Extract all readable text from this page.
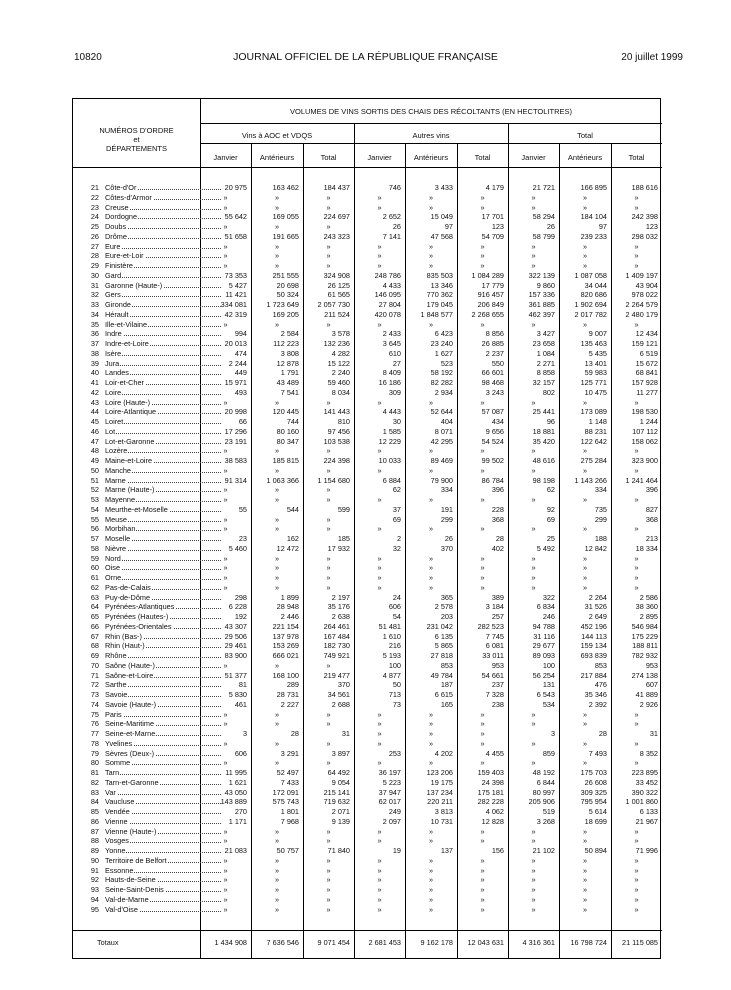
10820	JOURNAL OFFICIEL DE LA RÉPUBLIQUE FRANÇAISE	20 juillet 1999
NUMÉROS D'ORDRE
et
DÉPARTEMENTS
VOLUMES DE VINS SORTIS DES CHAIS DES RÉCOLTANTS (EN HECTOLITRES)
Vins à AOC et VDQS	Autres vins	Total
Janvier	Antérieurs	Total	Janvier	Antérieurs	Total	Janvier	Antérieurs	Total
21 Côte-d'Or	20 975	163 462	184 437	746	3 433	4 179	21 721	166 895	188 616
22 Côtes-d'Armor	»	»	»	»	»	»	»	»	»
23 Creuse	»	»	»	»	»	»	»	»	»
24 Dordogne	55 642	169 055	224 697	2 652	15 049	17 701	58 294	184 104	242 398
25 Doubs	»	»	»	26	97	123	26	97	123
26 Drôme	51 658	191 665	243 323	7 141	47 568	54 709	58 799	239 233	298 032
27 Eure	»	»	»	»	»	»	»	»	»
28 Eure-et-Loir	»	»	»	»	»	»	»	»	»
29 Finistère	»	»	»	»	»	»	»	»	»
30 Gard	73 353	251 555	324 908	248 786	835 503	1 084 289	322 139	1 087 058	1 409 197
31 Garonne (Haute-)	5 427	20 698	26 125	4 433	13 346	17 779	9 860	34 044	43 904
32 Gers	11 421	50 324	61 565	146 095	770 362	916 457	157 336	820 686	978 022
33 Gironde	334 081	1 723 649	2 057 730	27 804	179 045	206 849	361 885	1 902 694	2 264 579
34 Hérault	42 319	169 205	211 524	420 078	1 848 577	2 268 655	462 397	2 017 782	2 480 179
35 Ille-et-Vilaine	»	»	»	»	»	»	»	»	»
36 Indre	994	2 584	3 578	2 433	6 423	8 856	3 427	9 007	12 434
37 Indre-et-Loire	20 013	112 223	132 236	3 645	23 240	26 885	23 658	135 463	159 121
38 Isère	474	3 808	4 282	610	1 627	2 237	1 084	5 435	6 519
39 Jura	2 244	12 878	15 122	27	523	550	2 271	13 401	15 672
40 Landes	449	1 791	2 240	8 409	58 192	66 601	8 858	59 983	68 841
41 Loir-et-Cher	15 971	43 489	59 460	16 186	82 282	98 468	32 157	125 771	157 928
42 Loire	493	7 541	8 034	309	2 934	3 243	802	10 475	11 277
43 Loire (Haute-)	»	»	»	»	»	»	»	»	»
44 Loire-Atlantique	20 998	120 445	141 443	4 443	52 644	57 087	25 441	173 089	198 530
45 Loiret	66	744	810	30	404	434	96	1 148	1 244
46 Lot	17 296	80 160	97 456	1 585	8 071	9 656	18 881	88 231	107 112
47 Lot-et-Garonne	23 191	80 347	103 538	12 229	42 295	54 524	35 420	122 642	158 062
48 Lozère	»	»	»	»	»	»	»	»	»
49 Maine-et-Loire	38 583	185 815	224 398	10 033	89 469	99 502	48 616	275 284	323 900
50 Manche	»	»	»	»	»	»	»	»	»
51 Marne	91 314	1 063 366	1 154 680	6 884	79 900	86 784	98 198	1 143 266	1 241 464
52 Marne (Haute-)	»	»	»	62	334	396	62	334	396
53 Mayenne	»	»	»	»	»	»	»	»	»
54 Meurthe-et-Moselle	55	544	599	37	191	228	92	735	827
55 Meuse	»	»	»	69	299	368	69	299	368
56 Morbihan	»	»	»	»	»	»	»	»	»
57 Moselle	23	162	185	2	26	28	25	188	213
58 Nièvre	5 460	12 472	17 932	32	370	402	5 492	12 842	18 334
59 Nord	»	»	»	»	»	»	»	»	»
60 Oise	»	»	»	»	»	»	»	»	»
61 Orne	»	»	»	»	»	»	»	»	»
62 Pas-de-Calais	»	»	»	»	»	»	»	»	»
63 Puy-de-Dôme	298	1 899	2 197	24	365	389	322	2 264	2 586
64 Pyrénées-Atlantiques	6 228	28 948	35 176	606	2 578	3 184	6 834	31 526	38 360
65 Pyrénées (Hautes-)	192	2 446	2 638	54	203	257	246	2 649	2 895
66 Pyrénées-Orientales	43 307	221 154	264 461	51 481	231 042	282 523	94 788	452 196	546 984
67 Rhin (Bas-)	29 506	137 978	167 484	1 610	6 135	7 745	31 116	144 113	175 229
68 Rhin (Haut-)	29 461	153 269	182 730	216	5 865	6 081	29 677	159 134	188 811
69 Rhône	83 900	666 021	749 921	5 193	27 818	33 011	89 093	693 839	782 932
70 Saône (Haute-)	»	»	»	100	853	953	100	853	953
71 Saône-et-Loire	51 377	168 100	219 477	4 877	49 784	54 661	56 254	217 884	274 138
72 Sarthe	81	289	370	50	187	237	131	476	607
73 Savoie	5 830	28 731	34 561	713	6 615	7 328	6 543	35 346	41 889
74 Savoie (Haute-)	461	2 227	2 688	73	165	238	534	2 392	2 926
75 Paris	»	»	»	»	»	»	»	»	»
76 Seine-Maritime	»	»	»	»	»	»	»	»	»
77 Seine-et-Marne	3	28	31	»	»	»	3	28	31
78 Yvelines	»	»	»	»	»	»	»	»	»
79 Sèvres (Deux-)	606	3 291	3 897	253	4 202	4 455	859	7 493	8 352
80 Somme	»	»	»	»	»	»	»	»	»
81 Tarn	11 995	52 497	64 492	36 197	123 206	159 403	48 192	175 703	223 895
82 Tarn-et-Garonne	1 621	7 433	9 054	5 223	19 175	24 398	6 844	26 608	33 452
83 Var	43 050	172 091	215 141	37 947	137 234	175 181	80 997	309 325	390 322
84 Vaucluse	143 889	575 743	719 632	62 017	220 211	282 228	205 906	795 954	1 001 860
85 Vendée	270	1 801	2 071	249	3 813	4 062	519	5 614	6 133
86 Vienne	1 171	7 968	9 139	2 097	10 731	12 828	3 268	18 699	21 967
87 Vienne (Haute-)	»	»	»	»	»	»	»	»	»
88 Vosges	»	»	»	»	»	»	»	»	»
89 Yonne	21 083	50 757	71 840	19	137	156	21 102	50 894	71 996
90 Territoire de Belfort	»	»	»	»	»	»	»	»	»
91 Essonne	»	»	»	»	»	»	»	»	»
92 Hauts-de-Seine	»	»	»	»	»	»	»	»	»
93 Seine-Saint-Denis	»	»	»	»	»	»	»	»	»
94 Val-de-Marne	»	»	»	»	»	»	»	»	»
95 Val-d'Oise	»	»	»	»	»	»	»	»	»
Totaux	1 434 908	7 636 546	9 071 454	2 681 453	9 162 178	12 043 631	4 316 361	16 798 724	21 115 085
